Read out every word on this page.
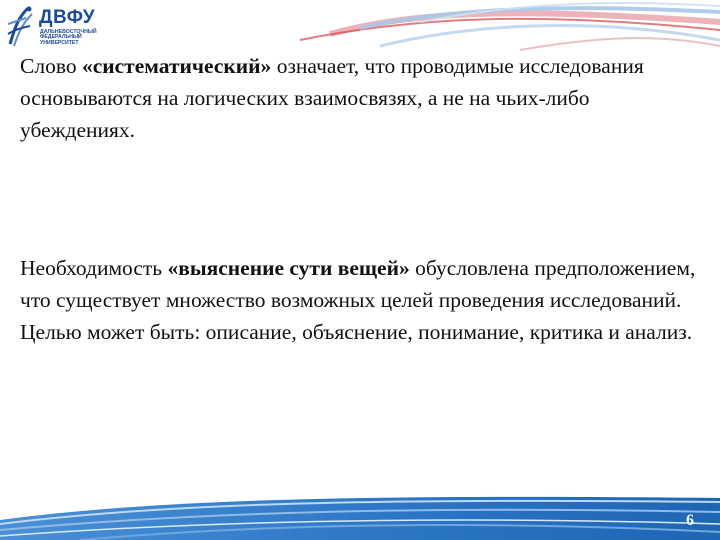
ДВФУ
ДАЛЬНЕВОСТОЧНЫЙ
ФЕДЕРАЛЬНЫЙ
УНИВЕРСИТЕТ

Слово «систематический» означает, что проводимые исследования основываются на логических взаимосвязях, а не на чьих-либо убеждениях.

Необходимость «выяснение сути вещей» обусловлена предположением, что существует множество возможных целей проведения исследований. Целью может быть: описание, объяснение, понимание, критика и анализ.

6
